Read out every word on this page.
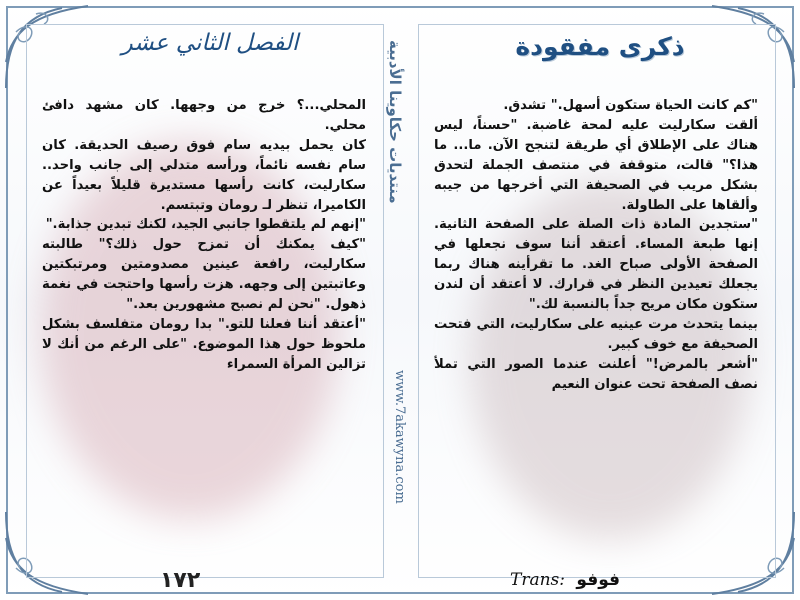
الفصل الثاني عشر	ذكرى مفقودة

المحلي...؟ خرج من وجهها. كان مشهد دافئ محلي.

كان يحمل بيديه سام فوق رصيف الحديقة. كان سام نفسه نائماً، ورأسه متدلي إلى جانب واحد.. سكارليت، كانت رأسها مستديرة قليلاً بعيداً عن الكاميرا، تنظر لـ رومان وتبتسم.

"إنهم لم يلتقطوا جانبي الجيد، لكنك تبدين جذابة."

"كيف يمكنك أن تمزح حول ذلك؟" طالبته سكارليت، رافعة عينين مصدومتين ومرتبكتين وعاتبتين إلى وجهه. هزت رأسها واحتجت في نغمة ذهول. "نحن لم نصبح مشهورين بعد."

"أعتقد أننا فعلنا للتو." بدا رومان متفلسف بشكل ملحوظ حول هذا الموضوع. "على الرغم من أنك لا تزالين المرأة السمراء

"كم كانت الحياة ستكون أسهل." تشدق.

ألقت سكارليت عليه لمحة غاضبة. "حسناً، ليس هناك على الإطلاق أي طريقة لتنجح الآن. ما... ما هذا؟" قالت، متوقفة في منتصف الجملة لتحدق بشكل مريب في الصحيفة التي أخرجها من جيبه وألقاها على الطاولة.

"ستجدين المادة ذات الصلة على الصفحة الثانية. إنها طبعة المساء. أعتقد أننا سوف نجعلها في الصفحة الأولى صباح الغد. ما تقرأينه هناك ربما يجعلك تعيدين النظر في قرارك. لا أعتقد أن لندن ستكون مكان مريح جداً بالنسبة لك."

بينما يتحدث مرت عينيه على سكارليت، التي فتحت الصحيفة مع خوف كبير.

"أشعر بالمرض!" أعلنت عندما الصور التي تملأ نصف الصفحة تحت عنوان النعيم

منتديات حكاوينا الأدبية
www.7akawyna.com
١٧٢	Trans: فوفو
